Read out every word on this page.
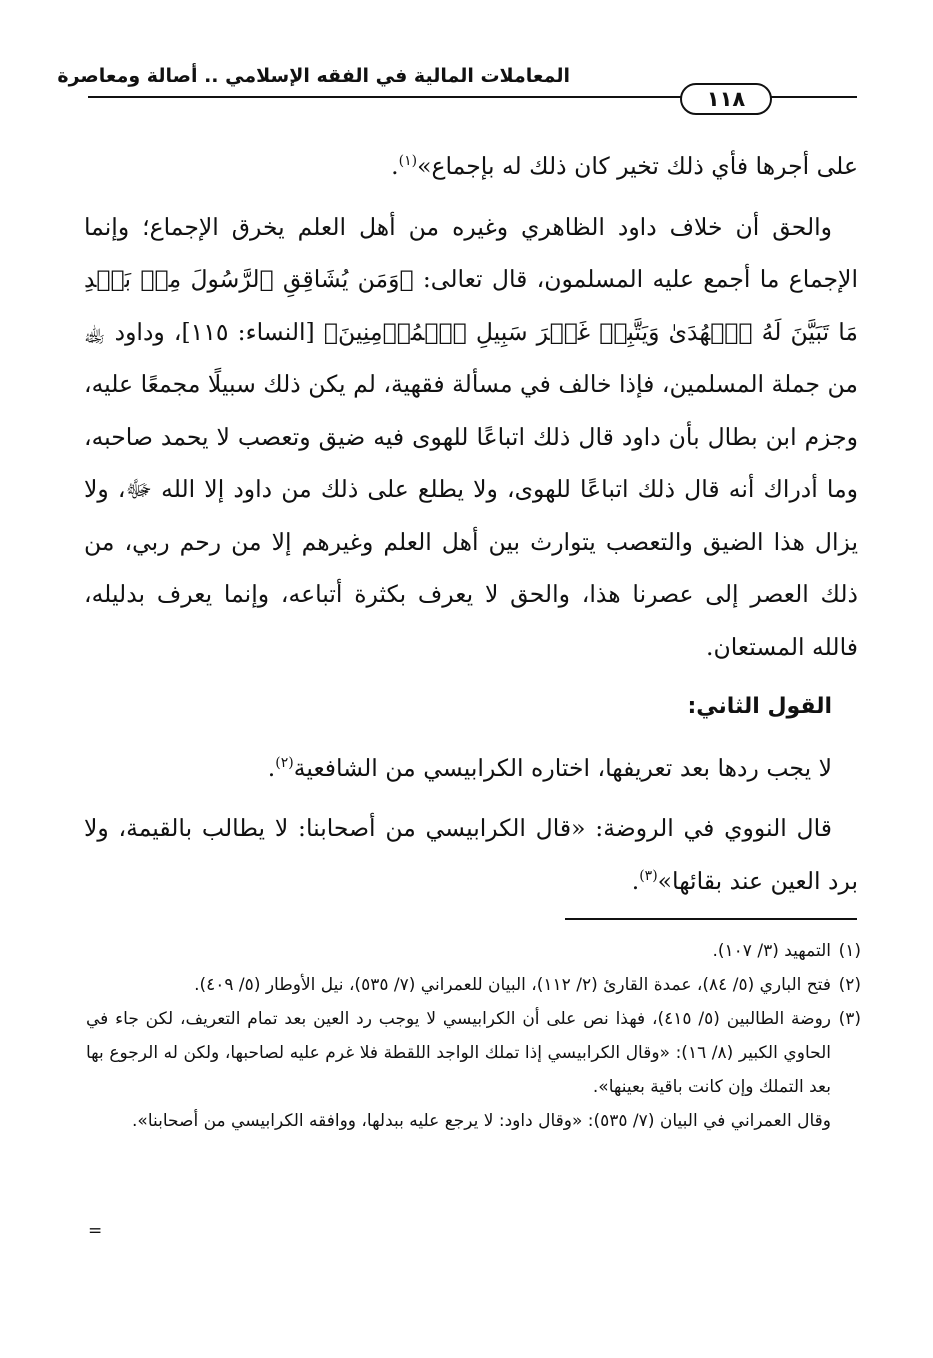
المعاملات المالية في الفقه الإسلامي .. أصالة ومعاصرة
١١٨

على أجرها فأي ذلك تخير كان ذلك له بإجماع»$^{(١)}$.

والحق أن خلاف داود الظاهري وغيره من أهل العلم يخرق الإجماع؛ وإنما الإجماع ما أجمع عليه المسلمون، قال تعالى: ﴿وَمَن يُشَاقِقِ ٱلرَّسُولَ مِنۢ بَعۡدِ مَا تَبَيَّنَ لَهُ ٱلۡهُدَىٰ وَيَتَّبِعۡ غَيۡرَ سَبِيلِ ٱلۡمُؤۡمِنِينَ﴾ [النساء: ١١٥]، وداود ﵀ من جملة المسلمين، فإذا خالف في مسألة فقهية، لم يكن ذلك سبيلًا مجمعًا عليه، وجزم ابن بطال بأن داود قال ذلك اتباعًا للهوى فيه ضيق وتعصب لا يحمد صاحبه، وما أدراك أنه قال ذلك اتباعًا للهوى، ولا يطلع على ذلك من داود إلا الله ﷻ، ولا يزال هذا الضيق والتعصب يتوارث بين أهل العلم وغيرهم إلا من رحم ربي، من ذلك العصر إلى عصرنا هذا، والحق لا يعرف بكثرة أتباعه، وإنما يعرف بدليله، فالله المستعان.

القول الثاني:

لا يجب ردها بعد تعريفها، اختاره الكرابيسي من الشافعية$^{(٢)}$.

قال النووي في الروضة: «قال الكرابيسي من أصحابنا: لا يطالب بالقيمة، ولا برد العين عند بقائها»$^{(٣)}$.

(١)التمهيد (٣/ ١٠٧).

(٢)فتح الباري (٥/ ٨٤)، عمدة القارئ (٢/ ١١٢)، البيان للعمراني (٧/ ٥٣٥)، نيل الأوطار (٥/ ٤٠٩).

(٣)روضة الطالبين (٥/ ٤١٥)، فهذا نص على أن الكرابيسي لا يوجب رد العين بعد تمام التعريف، لكن جاء في الحاوي الكبير (٨/ ١٦): «وقال الكرابيسي إذا تملك الواجد اللقطة فلا غرم عليه لصاحبها، ولكن له الرجوع بها بعد التملك وإن كانت باقية بعينها».

وقال العمراني في البيان (٧/ ٥٣٥): «وقال داود: لا يرجع عليه ببدلها، ووافقه الكرابيسي من أصحابنا».

=
